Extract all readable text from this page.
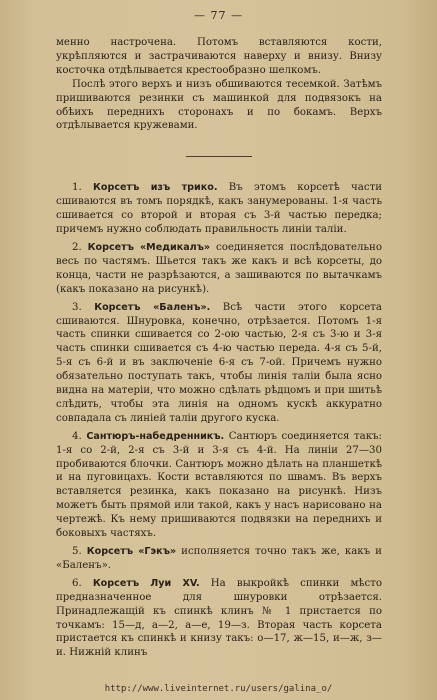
— 77 —

менно настрочена. Потомъ вставляются кости, укрѣпляются и застрачиваются наверху и внизу. Внизу косточка отдѣлывается крестообразно шелкомъ.

Послѣ этого верхъ и низъ обшиваются тесемкой. Затѣмъ пришиваются резинки съ машинкой для подвязокъ на обѣихъ переднихъ сторонахъ и по бокамъ. Верхъ отдѣлывается кружевами.

1. Корсетъ изъ трико. Въ этомъ корсетѣ части сшиваются въ томъ порядкѣ, какъ занумерованы. 1-я часть сшивается со второй и вторая съ 3-й частью передка; причемъ нужно соблюдать правильность линіи таліи.

2. Корсетъ «Медикалъ» соединяется послѣдовательно весь по частямъ. Шьется такъ же какъ и всѣ корсеты, до конца, части не разрѣзаются, а зашиваются по вытачкамъ (какъ показано на рисункѣ).

3. Корсетъ «Баленъ». Всѣ части этого корсета сшиваются. Шнуровка, конечно, отрѣзается. Потомъ 1-я часть спинки сшивается со 2-ою частью, 2-я съ 3-ю и 3-я часть спинки сшивается съ 4-ю частью переда. 4-я съ 5-й, 5-я съ 6-й и въ заключеніе 6-я съ 7-ой. Причемъ нужно обязательно поступать такъ, чтобы линія таліи была ясно видна на матеріи, что можно сдѣлать рѣдцомъ и при шитьѣ слѣдить, чтобы эта линія на одномъ кускѣ аккуратно совпадала съ линіей таліи другого куска.

4. Сантюръ-набедренникъ. Сантюръ соединяется такъ: 1-я со 2-й, 2-я съ 3-й и 3-я съ 4-й. На линіи 27—30 пробиваются блочки. Сантюръ можно дѣлать на планшеткѣ и на пуговицахъ. Кости вставляются по швамъ. Въ верхъ вставляется резинка, какъ показано на рисункѣ. Низъ можетъ быть прямой или такой, какъ у насъ нарисовано на чертежѣ. Къ нему пришиваются подвязки на переднихъ и боковыхъ частяхъ.

5. Корсетъ «Гэкъ» исполняется точно такъ же, какъ и «Баленъ».

6. Корсетъ Луи XV. На выкройкѣ спинки мѣсто предназначенное для шнуровки отрѣзается. Принадлежащій къ спинкѣ клинъ № 1 пристается по точкамъ: 15—д, а—2, а—е, 19—з. Вторая часть корсета пристается къ спинкѣ и книзу такъ: о—17, ж—15, и—ж, з—и. Нижній клинъ

http://www.liveinternet.ru/users/galina_o/
